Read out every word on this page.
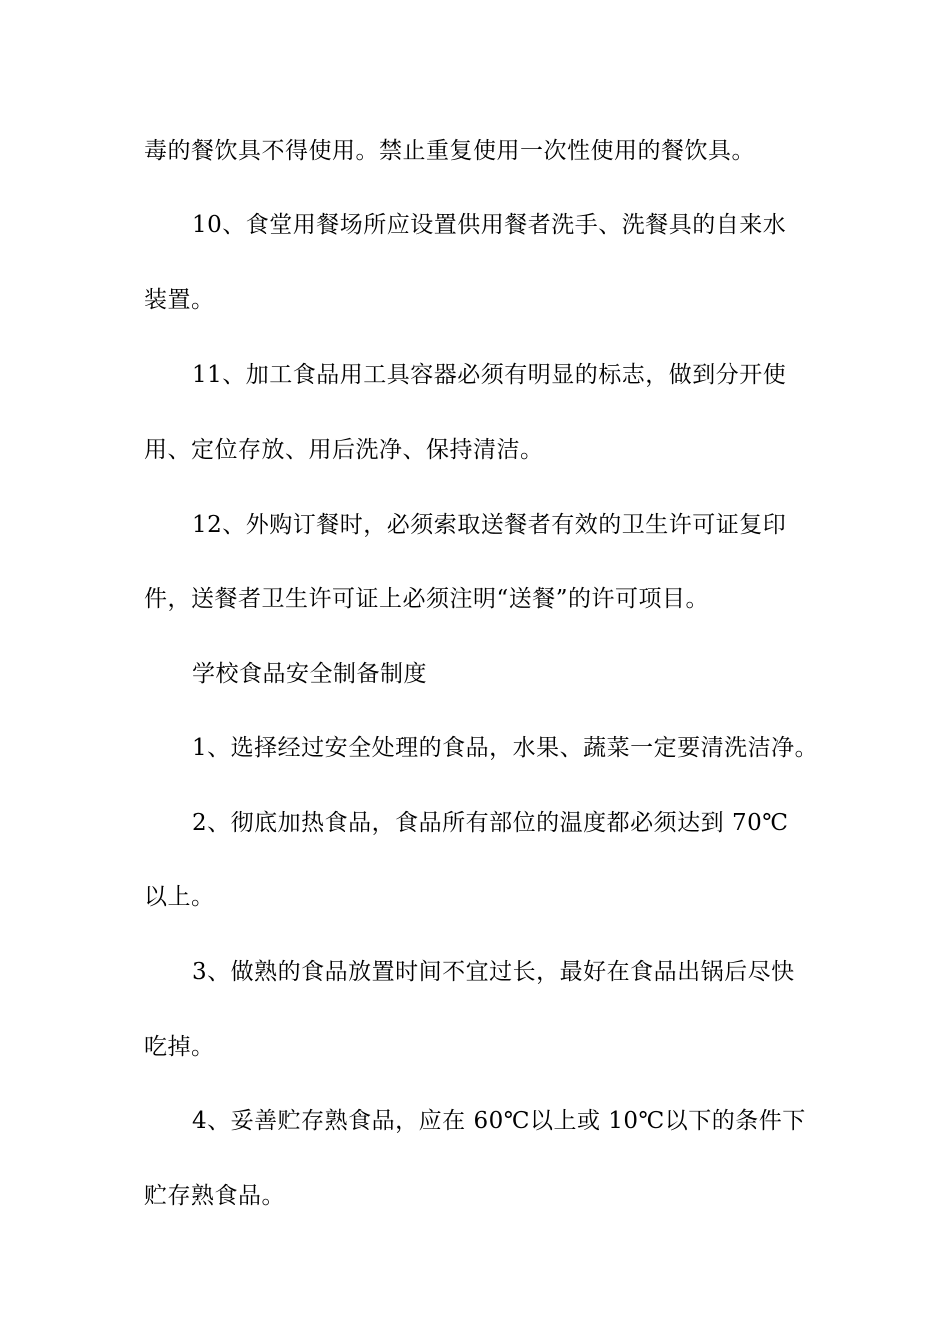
毒的餐饮具不得使用。禁止重复使用一次性使用的餐饮具。
10、食堂用餐场所应设置供用餐者洗手、洗餐具的自来水
装置。
11、加工食品用工具容器必须有明显的标志，做到分开使
用、定位存放、用后洗净、保持清洁。
12、外购订餐时，必须索取送餐者有效的卫生许可证复印
件，送餐者卫生许可证上必须注明“送餐”的许可项目。
学校食品安全制备制度
1、选择经过安全处理的食品，水果、蔬菜一定要清洗洁净。
2、彻底加热食品，食品所有部位的温度都必须达到 70℃
以上。
3、做熟的食品放置时间不宜过长，最好在食品出锅后尽快
吃掉。
4、妥善贮存熟食品，应在 60℃以上或 10℃以下的条件下
贮存熟食品。
